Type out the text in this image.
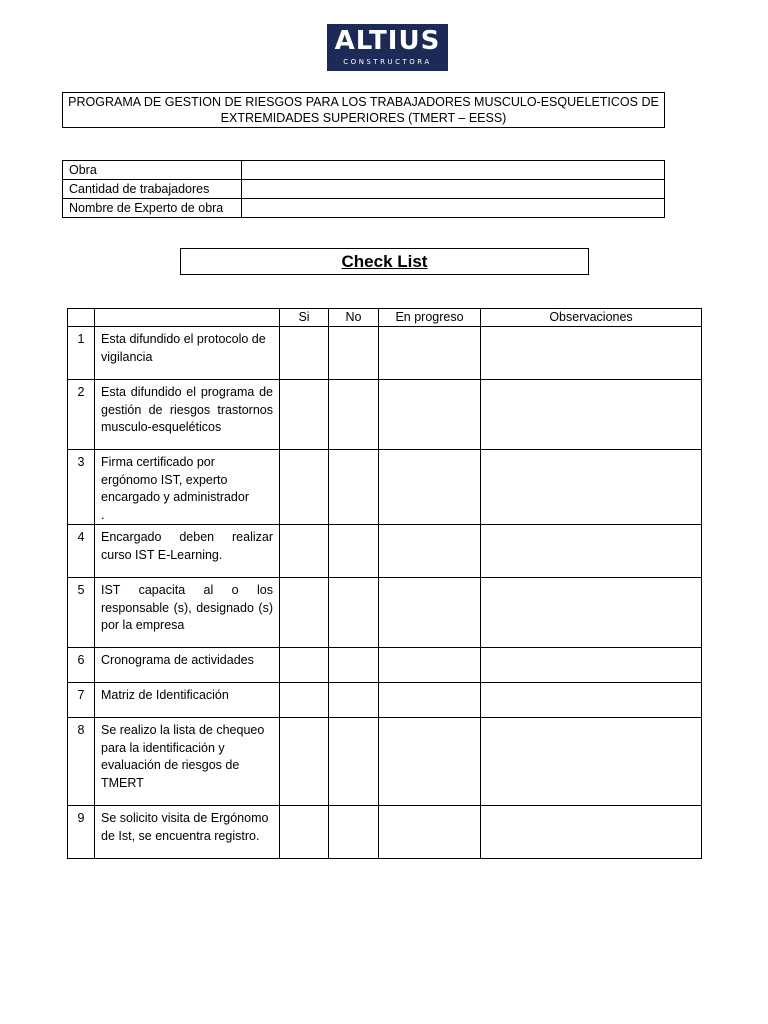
ALTIUS
CONSTRUCTORA
PROGRAMA DE GESTION DE RIESGOS PARA LOS TRABAJADORES MUSCULO-ESQUELETICOS DE
EXTREMIDADES SUPERIORES (TMERT – EESS)
Obra	
Cantidad de trabajadores	
Nombre de Experto de obra	
Check List
		Si	No	En progreso	Observaciones
1	Esta difundido el protocolo de
vigilancia				

2	Esta difundido el programa de
gestión de riesgos trastornos
musculo-esqueléticos				

3	Firma certificado por
ergónomo IST, experto
encargado y administrador
.				

4	Encargado deben realizar
curso IST E-Learning.				

5	IST capacita al o los
responsable (s), designado (s)
por la empresa				

6	Cronograma de actividades				

7	Matriz de Identificación				

8	Se realizo la lista de chequeo
para la identificación y
evaluación de riesgos de
TMERT				

9	Se solicito visita de Ergónomo
de Ist, se encuentra registro.				
